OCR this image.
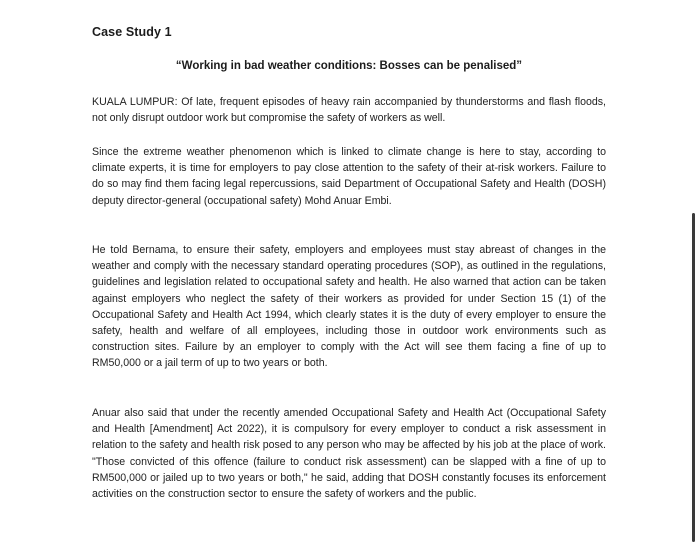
Case Study 1
“Working in bad weather conditions: Bosses can be penalised”

KUALA LUMPUR: Of late, frequent episodes of heavy rain accompanied by thunderstorms and flash floods, not only disrupt outdoor work but compromise the safety of workers as well.

Since the extreme weather phenomenon which is linked to climate change is here to stay, according to climate experts, it is time for employers to pay close attention to the safety of their at-risk workers. Failure to do so may find them facing legal repercussions, said Department of Occupational Safety and Health (DOSH) deputy director-general (occupational safety) Mohd Anuar Embi.

He told Bernama, to ensure their safety, employers and employees must stay abreast of changes in the weather and comply with the necessary standard operating procedures (SOP), as outlined in the regulations, guidelines and legislation related to occupational safety and health. He also warned that action can be taken against employers who neglect the safety of their workers as provided for under Section 15 (1) of the Occupational Safety and Health Act 1994, which clearly states it is the duty of every employer to ensure the safety, health and welfare of all employees, including those in outdoor work environments such as construction sites. Failure by an employer to comply with the Act will see them facing a fine of up to RM50,000 or a jail term of up to two years or both.

Anuar also said that under the recently amended Occupational Safety and Health Act (Occupational Safety and Health [Amendment] Act 2022), it is compulsory for every employer to conduct a risk assessment in relation to the safety and health risk posed to any person who may be affected by his job at the place of work. "Those convicted of this offence (failure to conduct risk assessment) can be slapped with a fine of up to RM500,000 or jailed up to two years or both," he said, adding that DOSH constantly focuses its enforcement activities on the construction sector to ensure the safety of workers and the public.
